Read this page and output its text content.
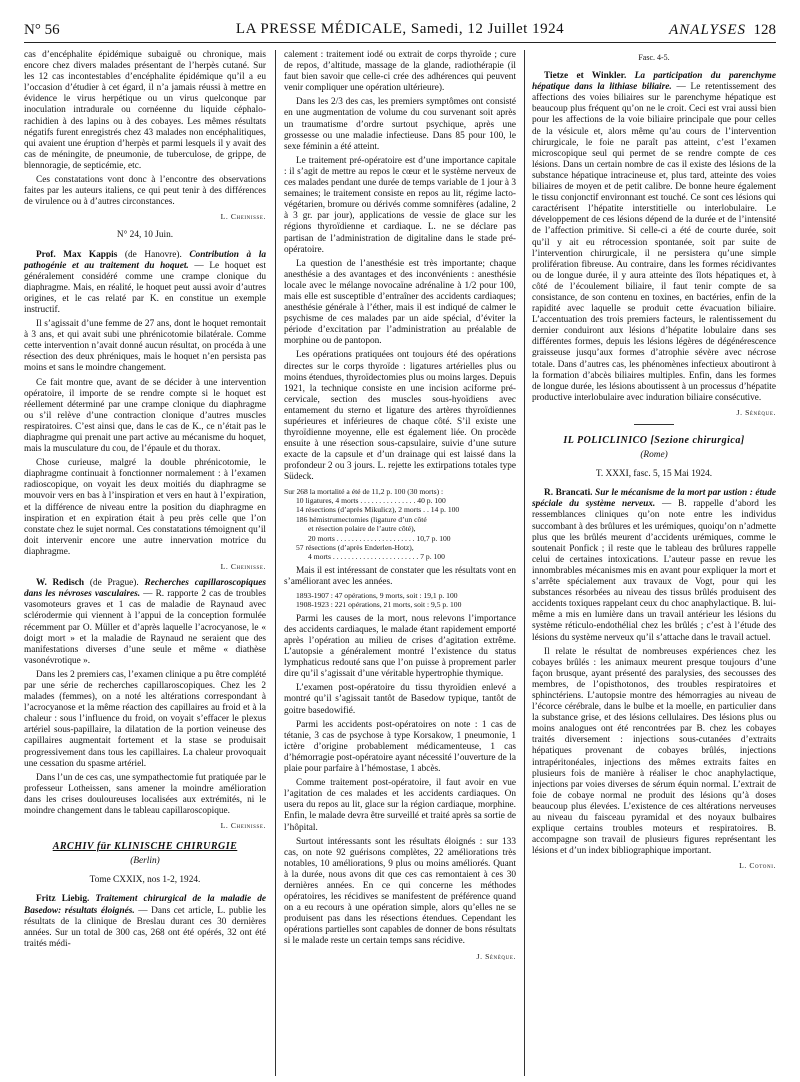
N° 56	LA PRESSE MÉDICALE, Samedi, 12 Juillet 1924	ANALYSES 128

cas d’encéphalite épidémique subaiguë ou chronique, mais encore chez divers malades présentant de l’herpès cutané. Sur les 12 cas incontestables d’encéphalite épidémique qu’il a eu l’occasion d’étudier à cet égard, il n’a jamais réussi à mettre en évidence le virus herpétique ou un virus quelconque par inoculation intradurale ou cornéenne du liquide céphalo-rachidien à des lapins ou à des cobayes. Les mêmes résultats négatifs furent enregistrés chez 43 malades non encéphalitiques, qui avaient une éruption d’herpès et parmi lesquels il y avait des cas de méningite, de pneumonie, de tuberculose, de grippe, de blennoragie, de septicémie, etc.

Ces constatations vont donc à l’encontre des observations faites par les auteurs italiens, ce qui peut tenir à des différences de virulence ou à d’autres circonstances.

L. Cheinisse.
N° 24, 10 Juin.

Prof. Max Kappis (de Hanovre). Contribution à la pathogénie et au traitement du hoquet. — Le hoquet est généralement considéré comme une crampe clonique du diaphragme. Mais, en réalité, le hoquet peut aussi avoir d’autres origines, et le cas relaté par K. en constitue un exemple instructif.

Il s’agissait d’une femme de 27 ans, dont le hoquet remontait à 3 ans, et qui avait subi une phrénicotomie bilatérale. Comme cette intervention n’avait donné aucun résultat, on procéda à une résection des deux phréniques, mais le hoquet n’en persista pas moins et sans le moindre changement.

Ce fait montre que, avant de se décider à une intervention opératoire, il importe de se rendre compte si le hoquet est réellement déterminé par une crampe clonique du diaphragme ou s’il relève d’une contraction clonique d’autres muscles respiratoires. C’est ainsi que, dans le cas de K., ce n’était pas le diaphragme qui prenait une part active au mécanisme du hoquet, mais la musculature du cou, de l’épaule et du thorax.

Chose curieuse, malgré la double phrénicotomie, le diaphragme continuait à fonctionner normalement : à l’examen radioscopique, on voyait les deux moitiés du diaphragme se mouvoir vers en bas à l’inspiration et vers en haut à l’expiration, et la différence de niveau entre la position du diaphragme en inspiration et en expiration était à peu près celle que l’on constate chez le sujet normal. Ces constatations témoignent qu’il doit intervenir encore une autre innervation motrice du diaphragme.

L. Cheinisse.

W. Redisch (de Prague). Recherches capillaroscopiques dans les névroses vasculaires. — R. rapporte 2 cas de troubles vasomoteurs graves et 1 cas de maladie de Raynaud avec sclérodermie qui viennent à l’appui de la conception formulée récemment par O. Müller et d’après laquelle l’acrocyanose, le « doigt mort » et la maladie de Raynaud ne seraient que des manifestations diverses d’une seule et même « diathèse vasonévrotique ».

Dans les 2 premiers cas, l’examen clinique a pu être complété par une série de recherches capillaroscopiques. Chez les 2 malades (femmes), on a noté les altérations correspondant à l’acrocyanose et la même réaction des capillaires au froid et à la chaleur : sous l’influence du froid, on voyait s’effacer le plexus artériel sous-papillaire, la dilatation de la portion veineuse des capillaires augmentait fortement et la stase se produisait progressivement dans tous les capillaires. La chaleur provoquait une cessation du spasme artériel.

Dans l’un de ces cas, une sympathectomie fut pratiquée par le professeur Lotheissen, sans amener la moindre amélioration dans les crises douloureuses localisées aux extrémités, ni le moindre changement dans le tableau capillaroscopique.

L. Cheinisse.
ARCHIV für KLINISCHE CHIRURGIE
(Berlin)
Tome CXXIX, nos 1-2, 1924.

Fritz Liebig. Traitement chirurgical de la maladie de Basedow: résultats éloignés. — Dans cet article, L. publie les résultats de la clinique de Breslau durant ces 30 dernières années. Sur un total de 300 cas, 268 ont été opérés, 32 ont été traités médi-

calement : traitement iodé ou extrait de corps thyroïde ; cure de repos, d’altitude, massage de la glande, radiothérapie (il faut bien savoir que celle-ci crée des adhérences qui peuvent venir compliquer une opération ultérieure).

Dans les 2/3 des cas, les premiers symptômes ont consisté en une augmentation de volume du cou survenant soit après un traumatisme d’ordre surtout psychique, après une grossesse ou une maladie infectieuse. Dans 85 pour 100, le sexe féminin a été atteint.

Le traitement pré-opératoire est d’une importance capitale : il s’agit de mettre au repos le cœur et le système nerveux de ces malades pendant une durée de temps variable de 1 jour à 3 semaines; le traitement consiste en repos au lit, régime lacto-végétarien, bromure ou dérivés comme somnifères (adaline, 2 à 3 gr. par jour), applications de vessie de glace sur les régions thyroïdienne et cardiaque. L. ne se déclare pas partisan de l’administration de digitaline dans le stade pré-opératoire.

La question de l’anesthésie est très importante; chaque anesthésie a des avantages et des inconvénients : anesthésie locale avec le mélange novocaïne adrénaline à 1/2 pour 100, mais elle est susceptible d’entraîner des accidents cardiaques; anesthésie générale à l’éther, mais il est indiqué de calmer le psychisme de ces malades par un aide spécial, d’éviter la période d’excitation par l’administration au préalable de morphine ou de pantopon.

Les opérations pratiquées ont toujours été des opérations directes sur le corps thyroïde : ligatures artérielles plus ou moins étendues, thyroïdectomies plus ou moins larges. Depuis 1921, la technique consiste en une incision aciforme pré-cervicale, section des muscles sous-hyoïdiens avec entamement du sterno et ligature des artères thyroïdiennes supérieures et inférieures de chaque côté. S’il existe une thyroïdienne moyenne, elle est également liée. On procède ensuite à une résection sous-capsulaire, suivie d’une suture exacte de la capsule et d’un drainage qui est laissé dans la profondeur 2 ou 3 jours. L. rejette les extirpations totales type Südeck.

Sur 268 la mortalité a été de 11,2 p. 100 (30 morts) :
10 ligatures, 4 morts . . . . . . . . . . . . . . . 40 p. 100
14 résections (d’après Mikulicz), 2 morts . . 14 p. 100
186 hémistrumectomies (ligature d’un côté
et résection polaire de l’autre côté),
20 morts . . . . . . . . . . . . . . . . . . . . . 10,7 p. 100
57 résections (d’après Enderlen-Hotz),
4 morts . . . . . . . . . . . . . . . . . . . . . . . 7 p. 100

Mais il est intéressant de constater que les résultats vont en s’améliorant avec les années.

1893-1907 : 47 opérations, 9 morts, soit : 19,1 p. 100
1908-1923 : 221 opérations, 21 morts, soit : 9,5 p. 100

Parmi les causes de la mort, nous relevons l’importance des accidents cardiaques, le malade étant rapidement emporté après l’opération au milieu de crises d’agitation extrême. L’autopsie a généralement montré l’existence du status lymphaticus redouté sans que l’on puisse à proprement parler dire qu’il s’agissait d’une véritable hypertrophie thymique.

L’examen post-opératoire du tissu thyroïdien enlevé a montré qu’il s’agissait tantôt de Basedow typique, tantôt de goitre basedowifié.

Parmi les accidents post-opératoires on note : 1 cas de tétanie, 3 cas de psychose à type Korsakow, 1 pneumonie, 1 ictère d’origine probablement médicamenteuse, 1 cas d’hémorragie post-opératoire ayant nécessité l’ouverture de la plaie pour parfaire à l’hémostase, 1 abcès.

Comme traitement post-opératoire, il faut avoir en vue l’agitation de ces malades et les accidents cardiaques. On usera du repos au lit, glace sur la région cardiaque, morphine. Enfin, le malade devra être surveillé et traité après sa sortie de l’hôpital.

Surtout intéressants sont les résultats éloignés : sur 133 cas, on note 92 guérisons complètes, 22 améliorations très notables, 10 améliorations, 9 plus ou moins améliorés. Quant à la durée, nous avons dit que ces cas remontaient à ces 30 dernières années. En ce qui concerne les méthodes opératoires, les récidives se manifestent de préférence quand on a eu recours à une opération simple, alors qu’elles ne se produisent pas dans les résections étendues. Cependant les opérations partielles sont capables de donner de bons résultats si le malade reste un certain temps sans récidive.

J. Sénèque.
Fasc. 4-5.

Tietze et Winkler. La participation du parenchyme hépatique dans la lithiase biliaire. — Le retentissement des affections des voies biliaires sur le parenchyme hépatique est beaucoup plus fréquent qu’on ne le croit. Ceci est vrai aussi bien pour les affections de la voie biliaire principale que pour celles de la vésicule et, alors même qu’au cours de l’intervention chirurgicale, le foie ne paraît pas atteint, c’est l’examen microscopique seul qui permet de se rendre compte de ces lésions. Dans un certain nombre de cas il existe des lésions de la substance hépatique intracineuse et, plus tard, atteinte des voies biliaires de moyen et de petit calibre. De bonne heure également le tissu conjonctif environnant est touché. Ce sont ces lésions qui caractérisent l’hépatite interstitielle ou interlobulaire. Le développement de ces lésions dépend de la durée et de l’intensité de l’affection primitive. Si celle-ci a été de courte durée, soit qu’il y ait eu rétrocession spontanée, soit par suite de l’intervention chirurgicale, il ne persistera qu’une simple prolifération fibreuse. Au contraire, dans les formes récidivantes ou de longue durée, il y aura atteinte des îlots hépatiques et, à côté de l’écoulement biliaire, il faut tenir compte de sa consistance, de son contenu en toxines, en bactéries, enfin de la rapidité avec laquelle se produit cette évacuation biliaire. L’accentuation des trois premiers facteurs, le ralentissement du dernier conduiront aux lésions d’hépatite lobulaire dans ses différentes formes, depuis les lésions légères de dégénérescence graisseuse jusqu’aux formes d’atrophie sévère avec nécrose totale. Dans d’autres cas, les phénomènes infectieux aboutiront à la formation d’abcès biliaires multiples. Enfin, dans les formes de longue durée, les lésions aboutissent à un processus d’hépatite productive interlobulaire avec induration biliaire consécutive.

J. Sénèque.
IL POLICLINICO [Sezione chirurgica]
(Rome)
T. XXXI, fasc. 5, 15 Mai 1924.

R. Brancati. Sur le mécanisme de la mort par ustion : étude spéciale du système nerveux. — B. rappelle d’abord les ressemblances cliniques qu’on note entre les individus succombant à des brûlures et les urémiques, quoiqu’on n’admette plus que les brûlés meurent d’accidents urémiques, comme le soutenait Ponfick ; il reste que le tableau des brûlures rappelle celui de certaines intoxications. L’auteur passe en revue les innombrables mécanismes mis en avant pour expliquer la mort et s’arrête spécialement aux travaux de Vogt, pour qui les substances résorbées au niveau des tissus brûlés produisent des accidents toxiques rappelant ceux du choc anaphylactique. B. lui-même a mis en lumière dans un travail antérieur les lésions du système réticulo-endothélial chez les brûlés ; c’est à l’étude des lésions du système nerveux qu’il s’attache dans le travail actuel.

Il relate le résultat de nombreuses expériences chez les cobayes brûlés : les animaux meurent presque toujours d’une façon brusque, ayant présenté des paralysies, des secousses des membres, de l’opisthotonos, des troubles respiratoires et sphinctériens. L’autopsie montre des hémorragies au niveau de l’écorce cérébrale, dans le bulbe et la moelle, en particulier dans la substance grise, et des lésions cellulaires. Des lésions plus ou moins analogues ont été rencontrées par B. chez les cobayes traités diversement : injections sous-cutanées d’extraits hépatiques provenant de cobayes brûlés, injections intrapéritonéales, injections des mêmes extraits faites en plusieurs fois de manière à réaliser le choc anaphylactique, injections par voies diverses de sérum équin normal. L’extrait de foie de cobaye normal ne produit des lésions qu’à doses beaucoup plus élevées. L’existence de ces altérations nerveuses au niveau du faisceau pyramidal et des noyaux bulbaires explique certains troubles moteurs et respiratoires. B. accompagne son travail de plusieurs figures représentant les lésions et d’un index bibliographique important.

L. Cotoni.
